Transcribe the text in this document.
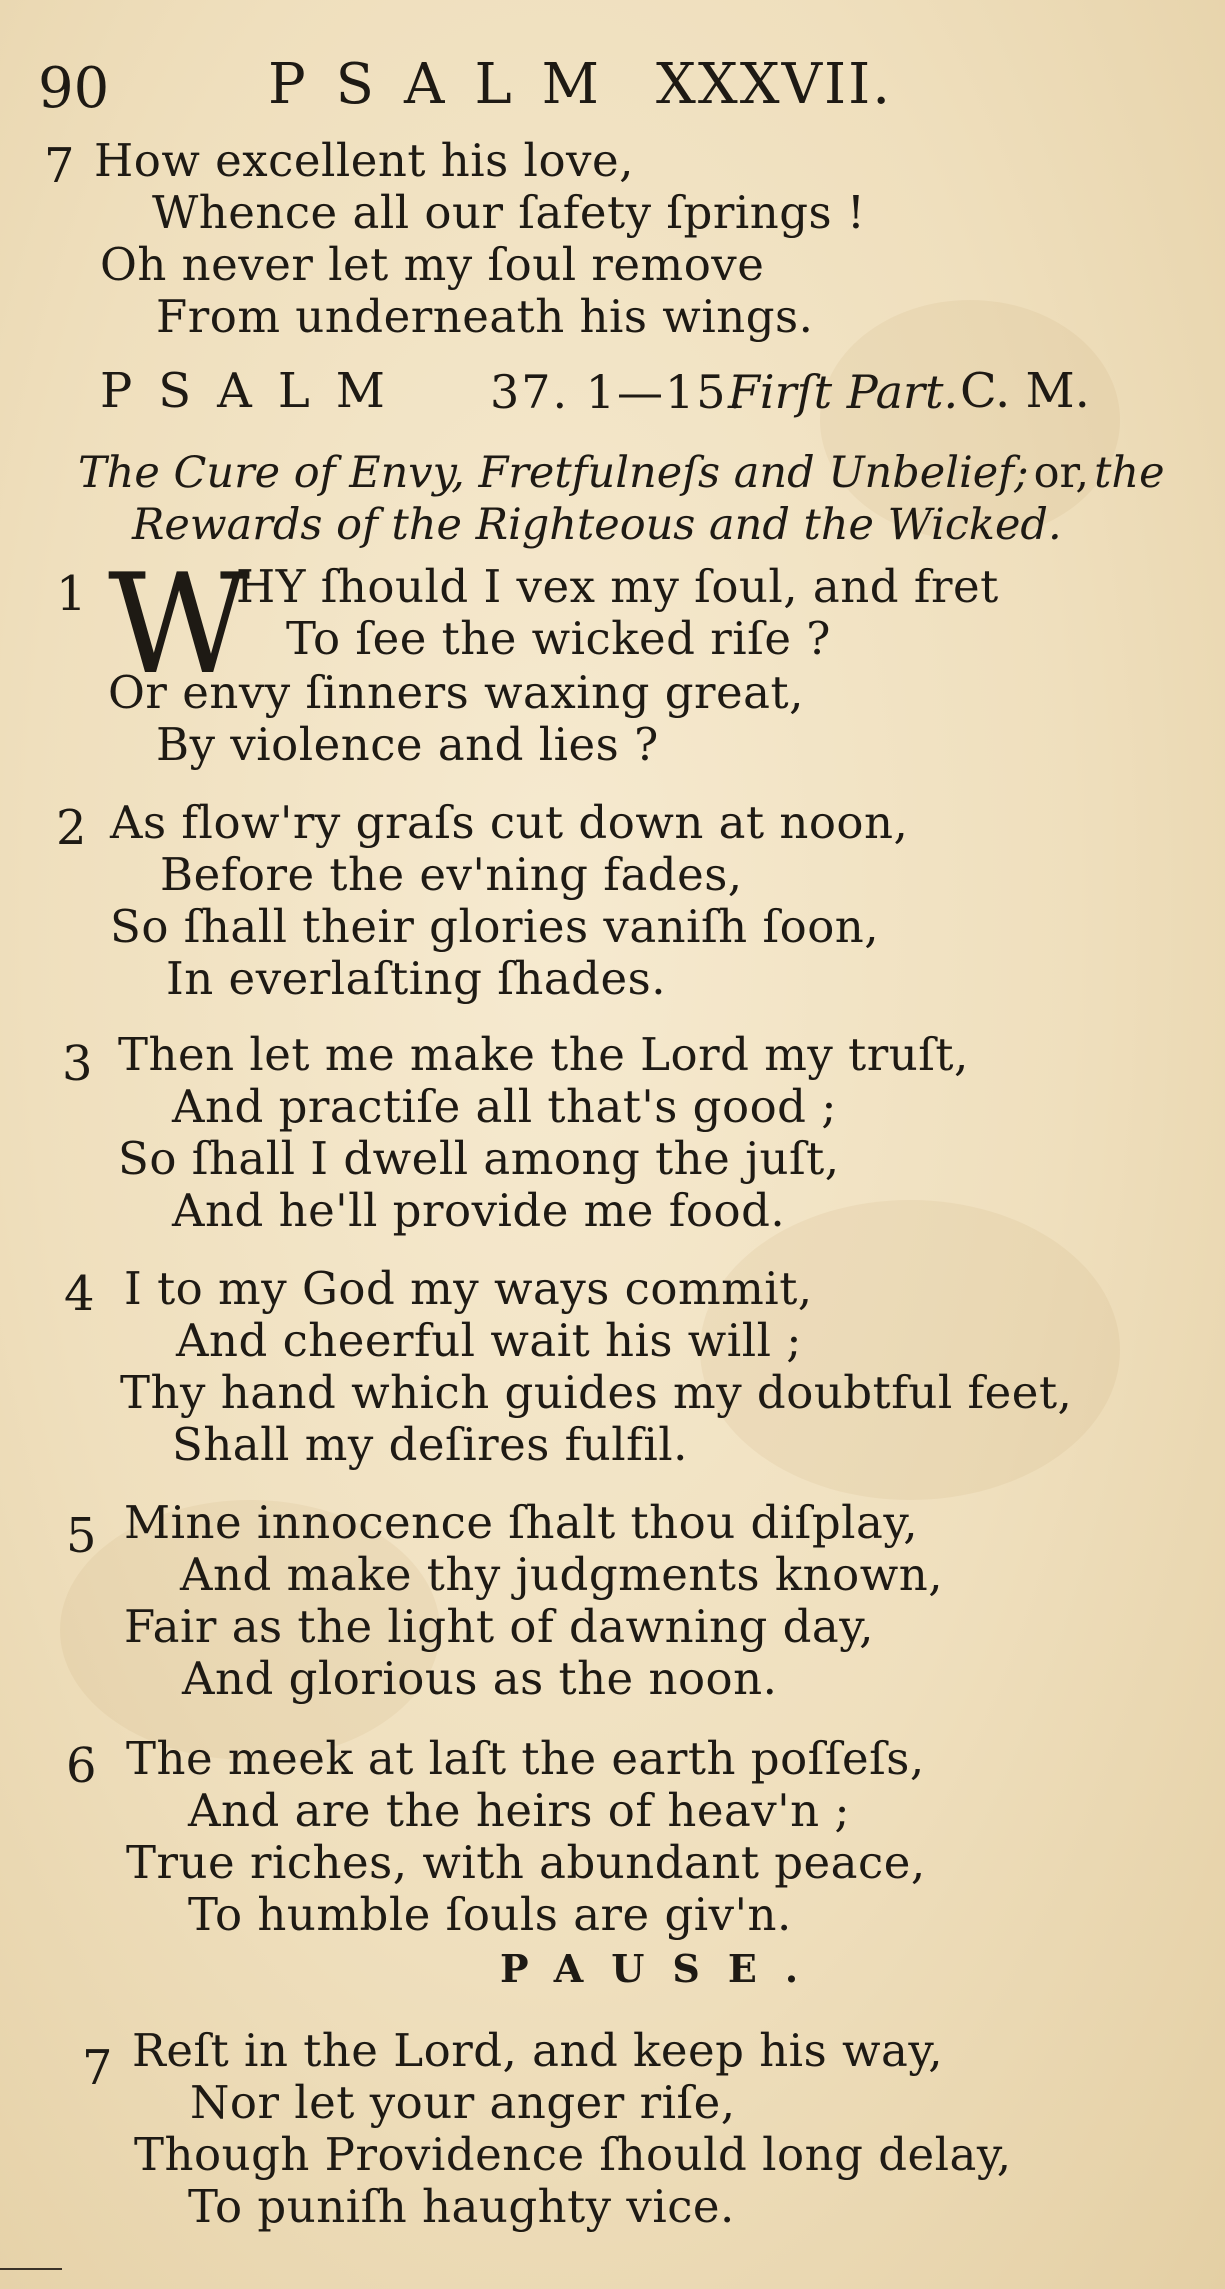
90	PSALM XXXVII.
7 How excellent his love,
Whence all our ſafety ſprings !
Oh never let my ſoul remove
From underneath his wings.
PSALM 37. 1—15.
Firſt Part. C. M.
The Cure of Envy, Fretfulneſs and Unbelief; or, the
Rewards of the Righteous and the Wicked.
1 W
HY ſhould I vex my ſoul, and fret
To ſee the wicked riſe ?
Or envy ſinners waxing great,
By violence and lies ?
2 As flow'ry graſs cut down at noon,
Before the ev'ning fades,
So ſhall their glories vaniſh ſoon,
In everlaſting ſhades.
3 Then let me make the Lord my truſt,
And practiſe all that's good ;
So ſhall I dwell among the juſt,
And he'll provide me food.
4 I to my God my ways commit,
And cheerful wait his will ;
Thy hand which guides my doubtful feet,
Shall my deſires fulfil.
5 Mine innocence ſhalt thou diſplay,
And make thy judgments known,
Fair as the light of dawning day,
And glorious as the noon.
6 The meek at laſt the earth poſſeſs,
And are the heirs of heav'n ;
True riches, with abundant peace,
To humble ſouls are giv'n.
PAUSE.
7 Reſt in the Lord, and keep his way,
Nor let your anger riſe,
Though Providence ſhould long delay,
To puniſh haughty vice.
